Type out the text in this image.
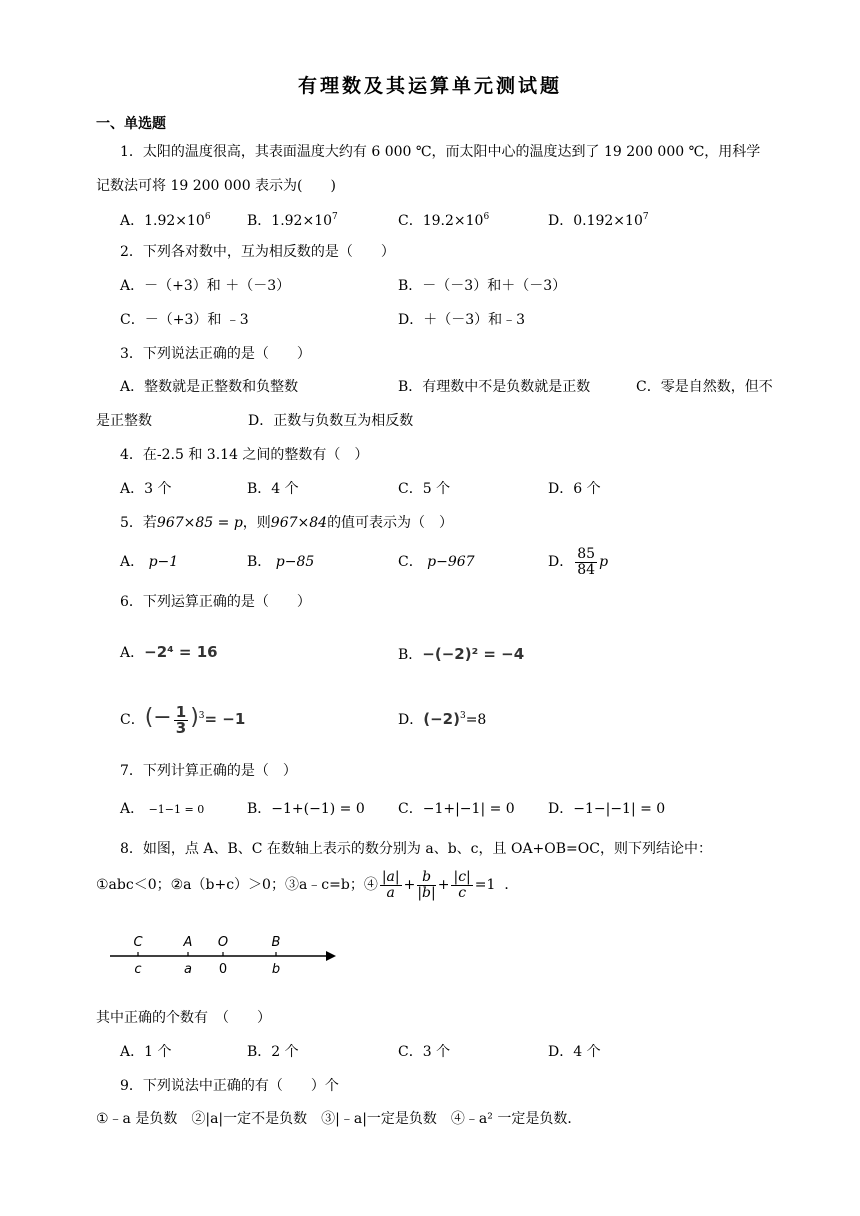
有理数及其运算单元测试题
一、单选题
1．太阳的温度很高，其表面温度大约有 6 000 ℃，而太阳中心的温度达到了 19 200 000 ℃，用科学
记数法可将 19 200 000 表示为(　　)
A．$1.92\times 10^6$	B．$1.92\times 10^7$	C．$19.2\times 10^6$	D．$0.192\times 10^7$
2．下列各对数中，互为相反数的是（　　）
A．－（+3）和 ＋（－3）	B．－（－3）和＋（－3）
C．－（+3）和 ﹣3	D．＋（－3）和﹣3
3．下列说法正确的是（　　）
A．整数就是正整数和负整数	B．有理数中不是负数就是正数	C．零是自然数，但不
是正整数	D．正数与负数互为相反数
4．在-2.5 和 3.14 之间的整数有（　）
A．3 个	B．4 个	C．5 个	D．6 个
5．若967×85 = p，则967×84的值可表示为（　）
A． p−1	B． p−85	C． p−967	D． $\frac{85}{84}$ p
6．下列运算正确的是（　　）
A．−2⁴ = 16	B．−(−2)² = −4
C．(− $\frac{1}{3} )^3= -1$	D．$(-2)^3=8$
7．下列计算正确的是（　）
A． −1−1 = 0	B．−1+(−1) = 0 C．−1+|−1| = 0 D．−1−|−1| = 0
8．如图，点 A、B、C 在数轴上表示的数分别为 a、b、c，且 OA+OB=OC，则下列结论中：
①abc＜0；②a（b+c）＞0；③a﹣c=b；④ $\frac{|a|}{a} + \frac{b}{|b|} + \frac{|c|}{c} =1$ ．
C	A O	B
c	a 0	b
其中正确的个数有　（　　）
A．1 个	B．2 个	C．3 个	D．4 个
9．下列说法中正确的有（　　）个
①﹣a 是负数　②|a|一定不是负数　③|﹣a|一定是负数　④﹣a² 一定是负数．
